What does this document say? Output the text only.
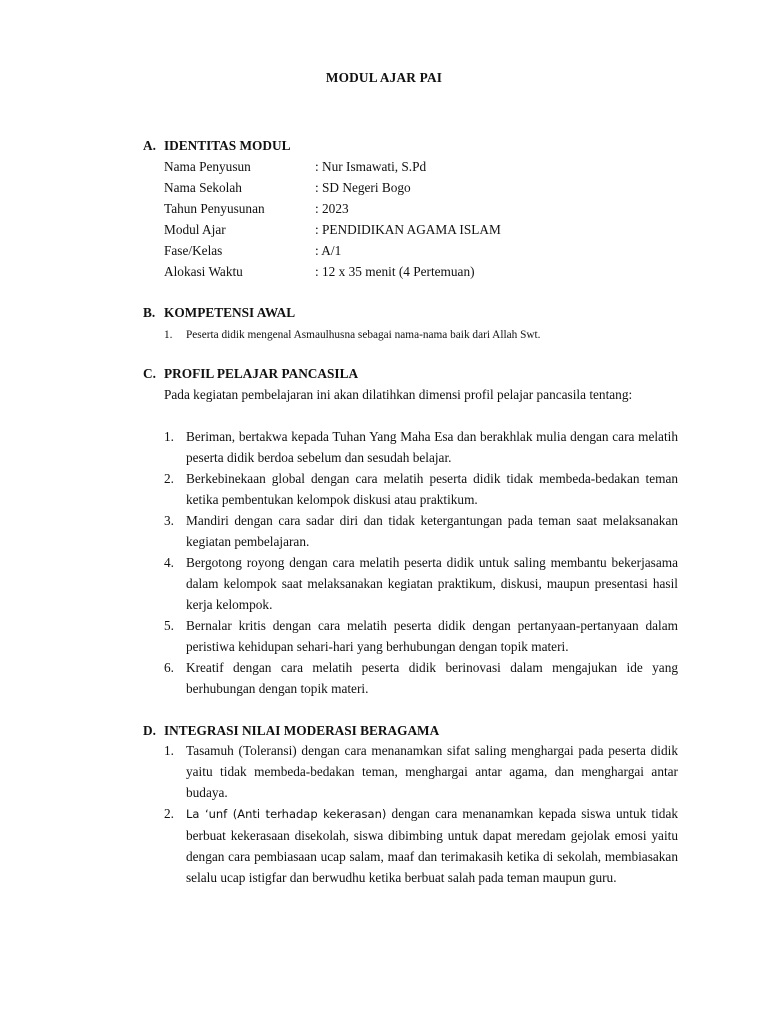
MODUL AJAR PAI
A. IDENTITAS MODUL
Nama Penyusun	: Nur Ismawati, S.Pd
Nama Sekolah	: SD Negeri Bogo
Tahun Penyusunan	: 2023
Modul Ajar	: PENDIDIKAN AGAMA ISLAM
Fase/Kelas	: A/1
Alokasi Waktu	: 12 x 35 menit (4 Pertemuan)
B. KOMPETENSI AWAL
1. Peserta didik mengenal Asmaulhusna sebagai nama-nama baik dari Allah Swt.
C. PROFIL PELAJAR PANCASILA
Pada kegiatan pembelajaran ini akan dilatihkan dimensi profil pelajar pancasila tentang:
1. Beriman, bertakwa kepada Tuhan Yang Maha Esa dan berakhlak mulia dengan cara melatih peserta didik berdoa sebelum dan sesudah belajar.
2. Berkebinekaan global dengan cara melatih peserta didik tidak membeda-bedakan teman ketika pembentukan kelompok diskusi atau praktikum.
3. Mandiri dengan cara sadar diri dan tidak ketergantungan pada teman saat melaksanakan kegiatan pembelajaran.
4. Bergotong royong dengan cara melatih peserta didik untuk saling membantu bekerjasama dalam kelompok saat melaksanakan kegiatan praktikum, diskusi, maupun presentasi hasil kerja kelompok.
5. Bernalar kritis dengan cara melatih peserta didik dengan pertanyaan-pertanyaan dalam peristiwa kehidupan sehari-hari yang berhubungan dengan topik materi.
6. Kreatif dengan cara melatih peserta didik berinovasi dalam mengajukan ide yang berhubungan dengan topik materi.
D. INTEGRASI NILAI MODERASI BERAGAMA
1. Tasamuh (Toleransi) dengan cara menanamkan sifat saling menghargai pada peserta didik yaitu tidak membeda-bedakan teman, menghargai antar agama, dan menghargai antar budaya.
2. La ‘unf (Anti terhadap kekerasan) dengan cara menanamkan kepada siswa untuk tidak berbuat kekerasaan disekolah, siswa dibimbing untuk dapat meredam gejolak emosi yaitu dengan cara pembiasaan ucap salam, maaf dan terimakasih ketika di sekolah, membiasakan selalu ucap istigfar dan berwudhu ketika berbuat salah pada teman maupun guru.
